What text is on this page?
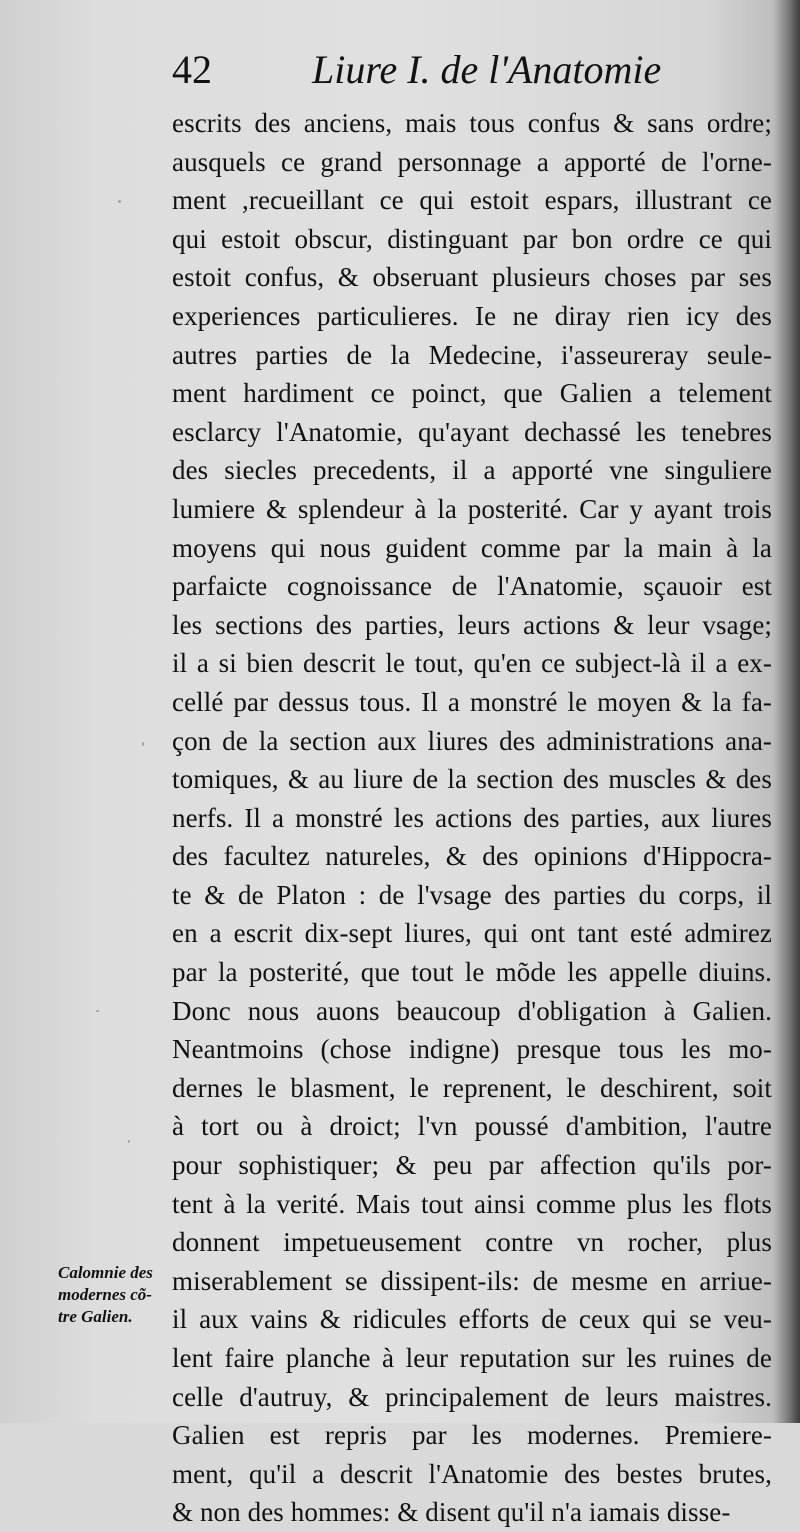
42	Liure I. de l'Anatomie
escrits des anciens, mais tous confus & sans ordre;
ausquels ce grand personnage a apporté de l'orne-
ment ,recueillant ce qui estoit espars, illustrant ce
qui estoit obscur, distinguant par bon ordre ce qui
estoit confus, & obseruant plusieurs choses par ses
experiences particulieres. Ie ne diray rien icy des
autres parties de la Medecine, i'asseureray seule-
ment hardiment ce poinct, que Galien a telement
esclarcy l'Anatomie, qu'ayant dechassé les tenebres
des siecles precedents, il a apporté vne singuliere
lumiere & splendeur à la posterité. Car y ayant trois
moyens qui nous guident comme par la main à la
parfaicte cognoissance de l'Anatomie, sçauoir est
les sections des parties, leurs actions & leur vsage;
il a si bien descrit le tout, qu'en ce subject-là il a ex-
cellé par dessus tous. Il a monstré le moyen & la fa-
çon de la section aux liures des administrations ana-
tomiques, & au liure de la section des muscles & des
nerfs. Il a monstré les actions des parties, aux liures
des facultez natureles, & des opinions d'Hippocra-
te & de Platon : de l'vsage des parties du corps, il
en a escrit dix-sept liures, qui ont tant esté admirez
par la posterité, que tout le mõde les appelle diuins.
Donc nous auons beaucoup d'obligation à Galien.
Neantmoins (chose indigne) presque tous les mo-
dernes le blasment, le reprenent, le deschirent, soit
à tort ou à droict; l'vn poussé d'ambition, l'autre
pour sophistiquer; & peu par affection qu'ils por-
tent à la verité. Mais tout ainsi comme plus les flots
donnent impetueusement contre vn rocher, plus
miserablement se dissipent-ils: de mesme en arriue-
il aux vains & ridicules efforts de ceux qui se veu-
lent faire planche à leur reputation sur les ruines de
celle d'autruy, & principalement de leurs maistres.
Galien est repris par les modernes. Premiere-
ment, qu'il a descrit l'Anatomie des bestes brutes,
& non des hommes: & disent qu'il n'a iamais disse-
Calomnie des
modernes cõ-
tre Galien.
